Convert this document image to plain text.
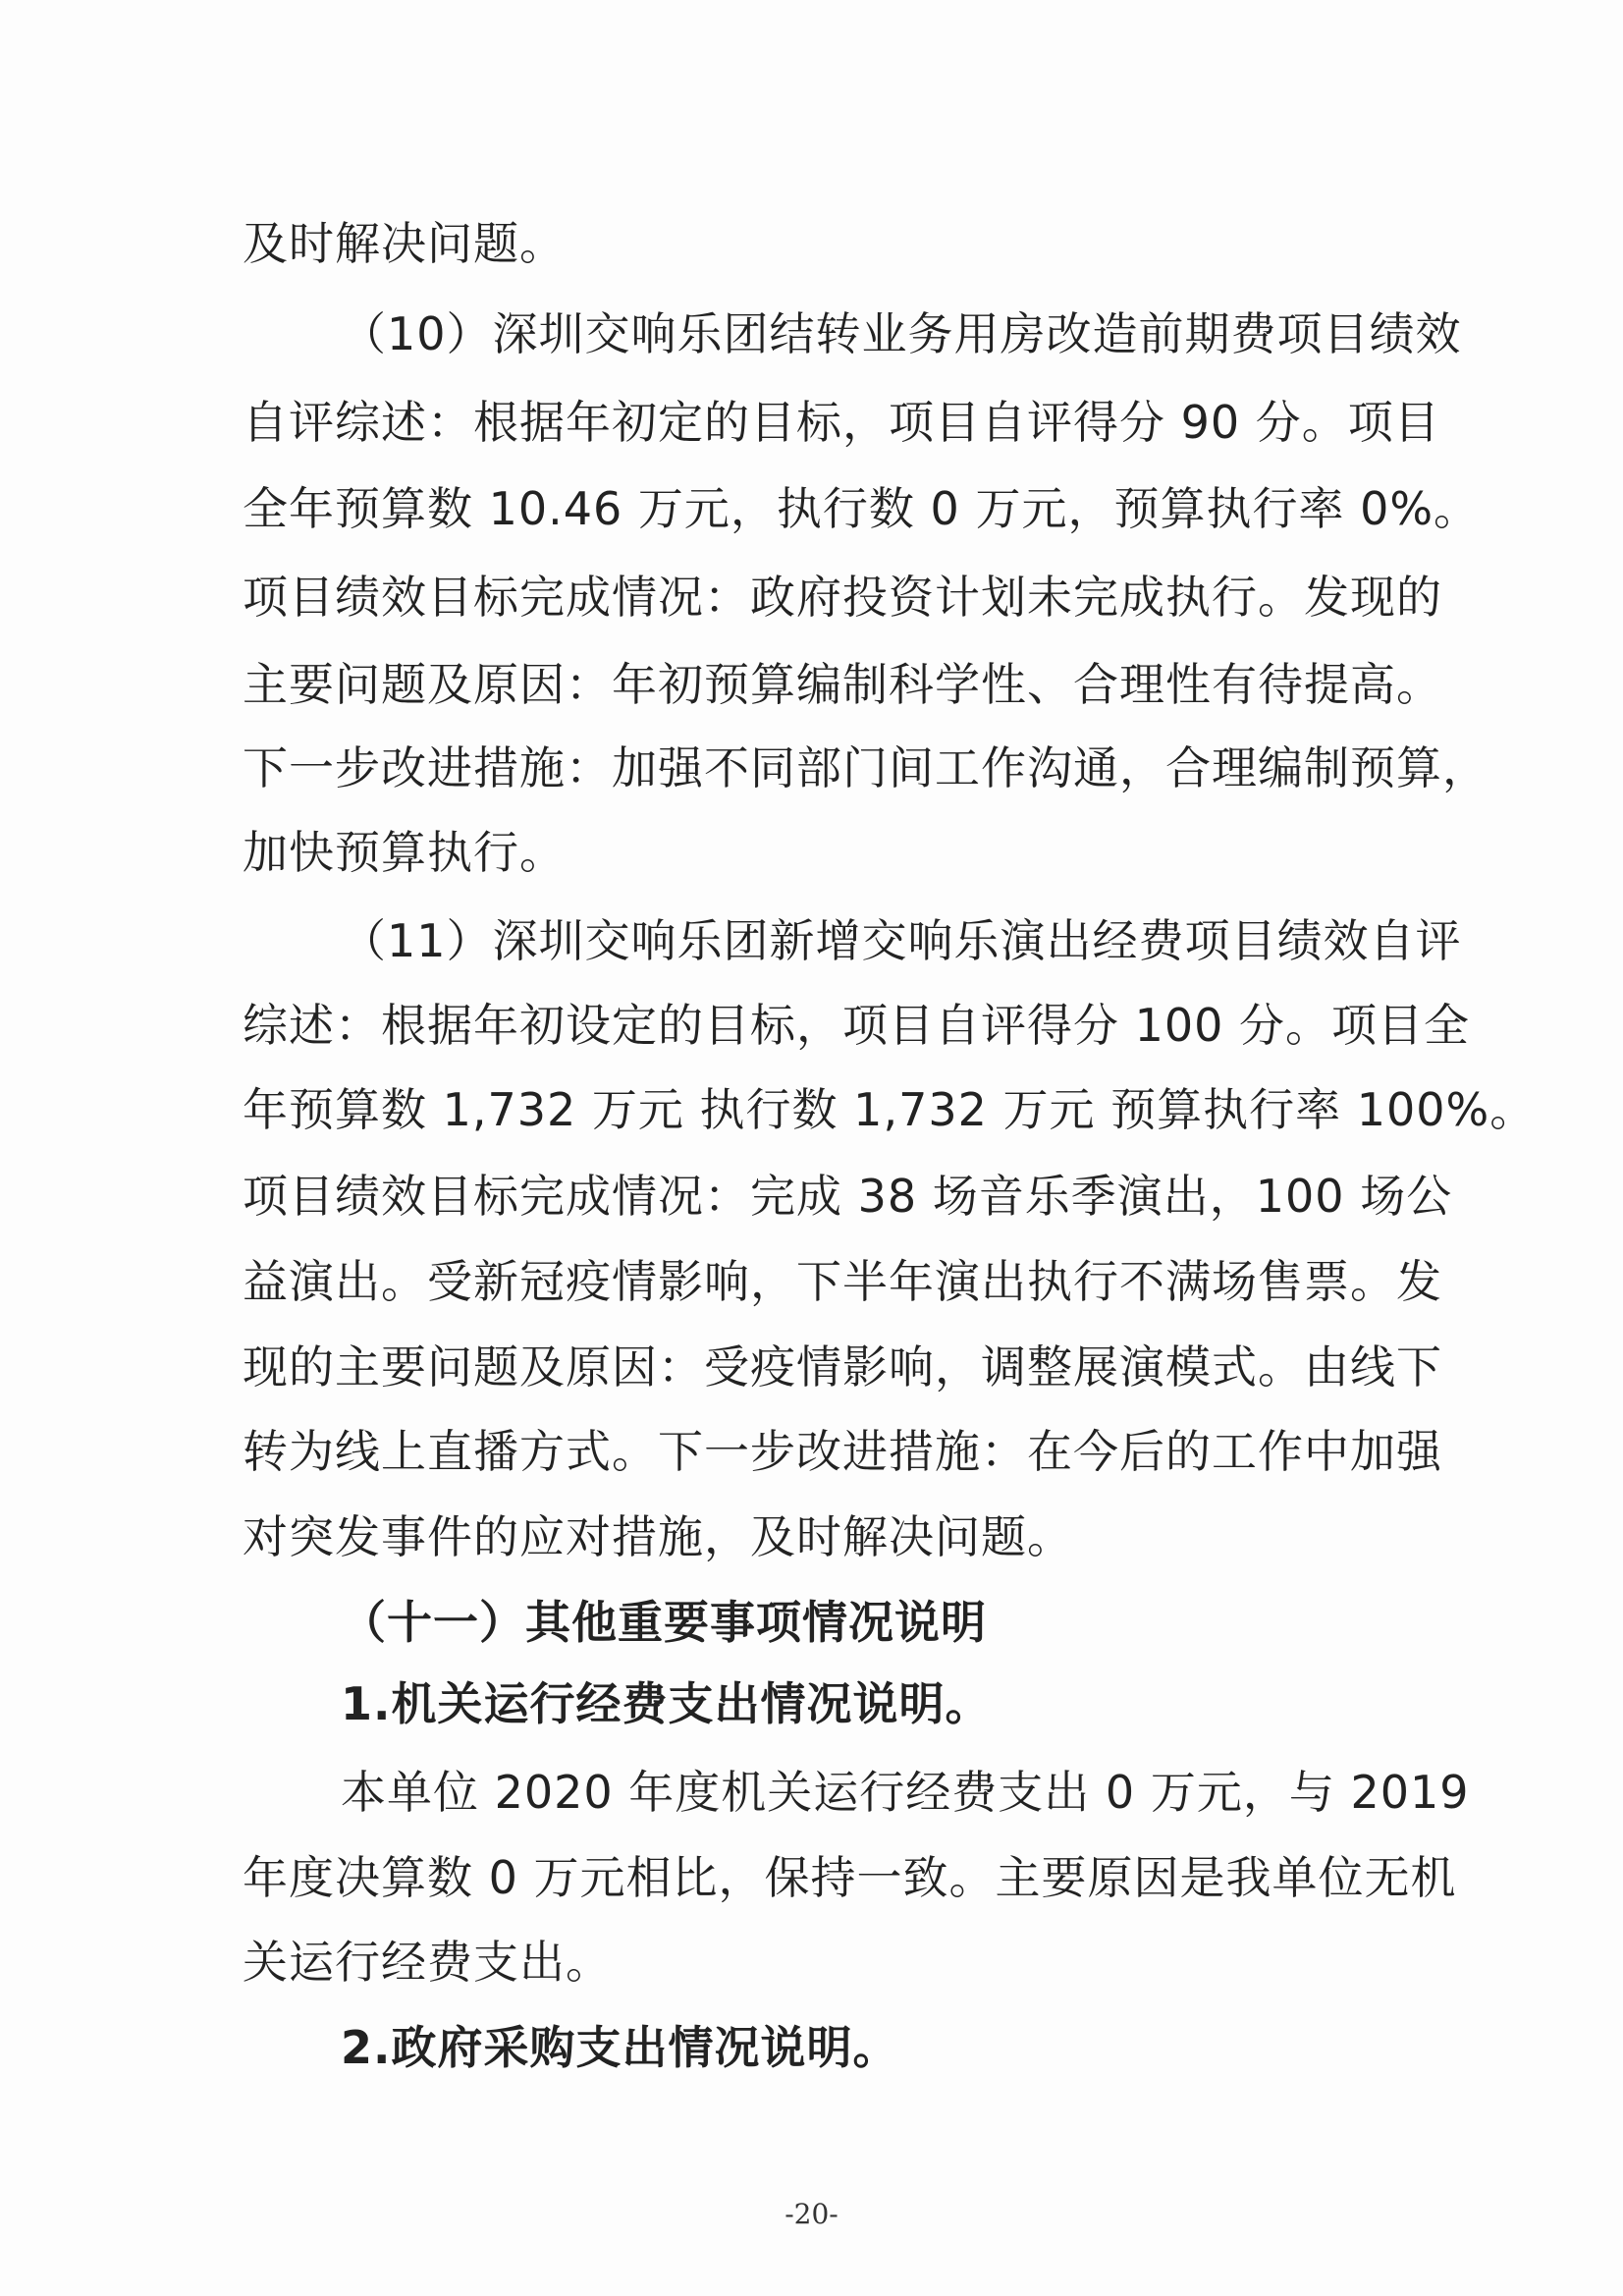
及时解决问题。
（10）深圳交响乐团结转业务用房改造前期费项目绩效
自评综述：根据年初定的目标，项目自评得分 90 分。项目
全年预算数 10.46 万元，执行数 0 万元，预算执行率 0%。
项目绩效目标完成情况：政府投资计划未完成执行。发现的
主要问题及原因：年初预算编制科学性、合理性有待提高。
下一步改进措施：加强不同部门间工作沟通，合理编制预算，
加快预算执行。
（11）深圳交响乐团新增交响乐演出经费项目绩效自评
综述：根据年初设定的目标，项目自评得分 100 分。项目全
年预算数 1,732 万元 执行数 1,732 万元 预算执行率 100%。
项目绩效目标完成情况：完成 38 场音乐季演出，100 场公
益演出。受新冠疫情影响，下半年演出执行不满场售票。发
现的主要问题及原因：受疫情影响，调整展演模式。由线下
转为线上直播方式。下一步改进措施：在今后的工作中加强
对突发事件的应对措施，及时解决问题。
（十一）其他重要事项情况说明
1.机关运行经费支出情况说明。
本单位 2020 年度机关运行经费支出 0 万元，与 2019
年度决算数 0 万元相比，保持一致。主要原因是我单位无机
关运行经费支出。
2.政府采购支出情况说明。
-20-
